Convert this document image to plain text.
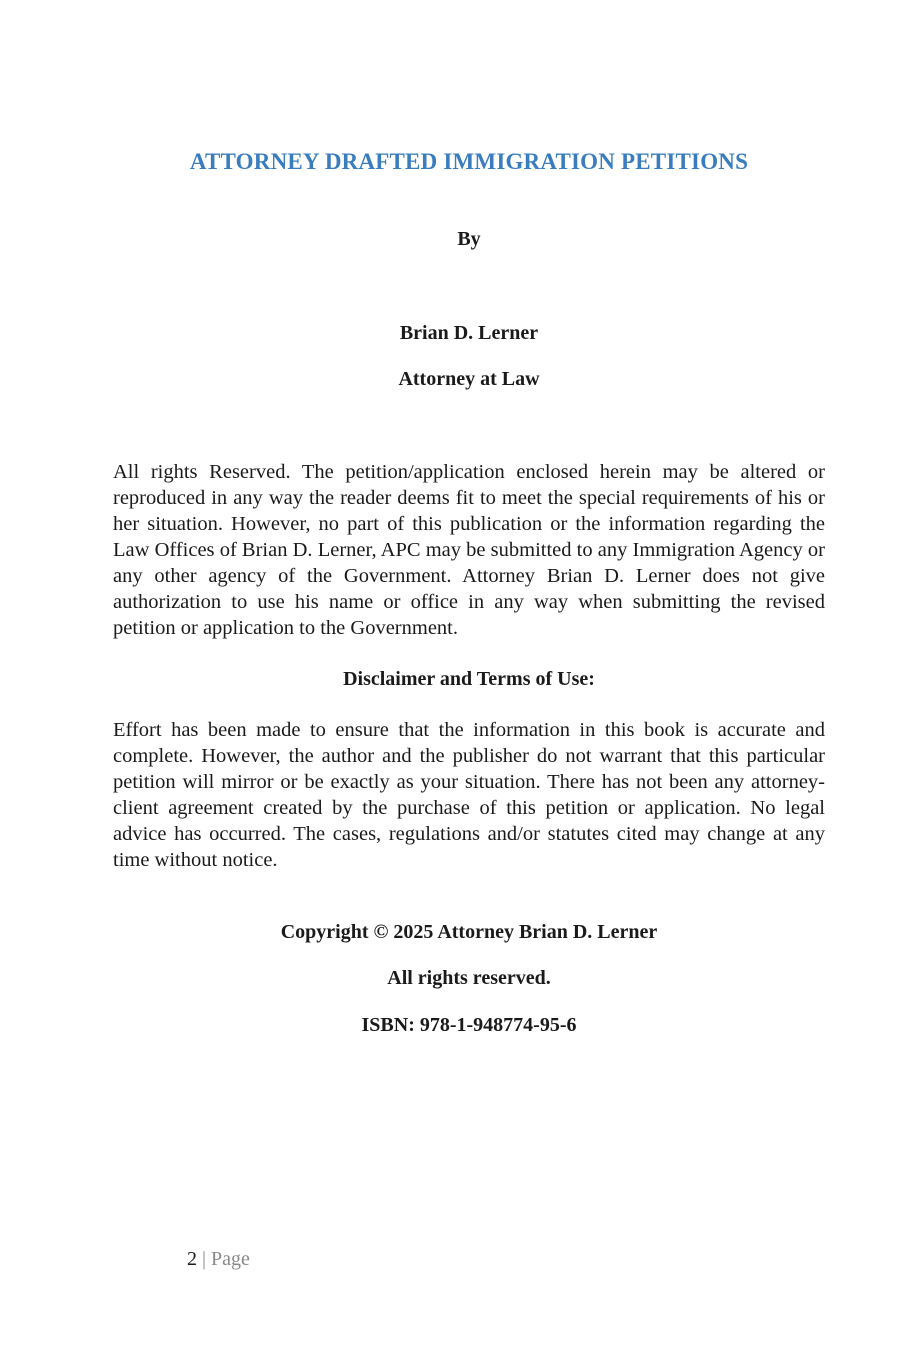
ATTORNEY DRAFTED IMMIGRATION PETITIONS
By
Brian D. Lerner
Attorney at Law
All rights Reserved. The petition/application enclosed herein may be altered or reproduced in any way the reader deems fit to meet the special requirements of his or her situation. However, no part of this publication or the information regarding the Law Offices of Brian D. Lerner, APC may be submitted to any Immigration Agency or any other agency of the Government. Attorney Brian D. Lerner does not give authorization to use his name or office in any way when submitting the revised petition or application to the Government.
Disclaimer and Terms of Use:
Effort has been made to ensure that the information in this book is accurate and complete. However, the author and the publisher do not warrant that this particular petition will mirror or be exactly as your situation. There has not been any attorney-client agreement created by the purchase of this petition or application. No legal advice has occurred. The cases, regulations and/or statutes cited may change at any time without notice.
Copyright © 2025 Attorney Brian D. Lerner
All rights reserved.
ISBN: 978-1-948774-95-6
2 | Page
